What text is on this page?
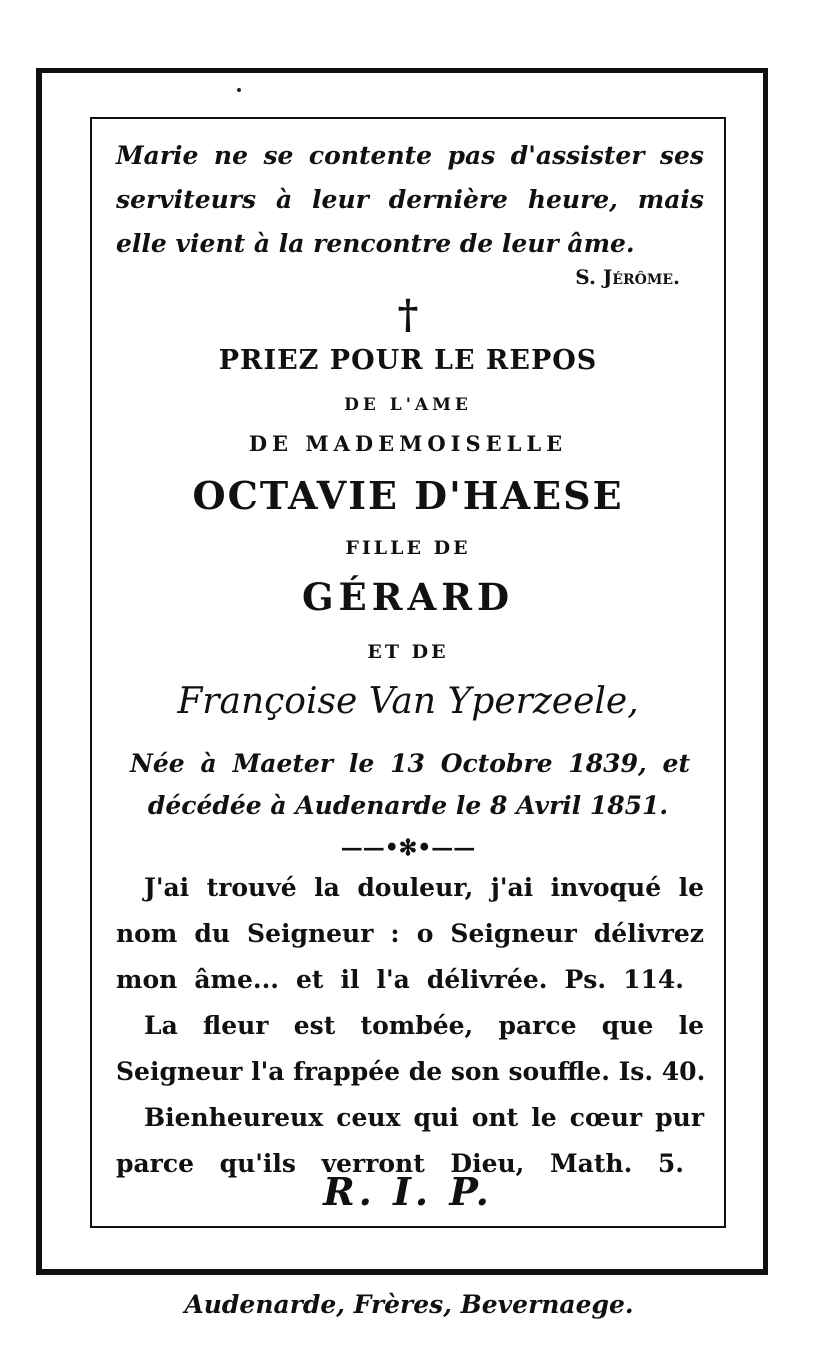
Marie ne se contente pas d'assister ses
serviteurs à leur dernière heure, mais
elle vient à la rencontre de leur âme.
S. Jérôme.
†
PRIEZ POUR LE REPOS
DE L'AME
DE MADEMOISELLE
OCTAVIE D'HAESE
FILLE DE
GÉRARD
ET DE
Françoise Van Yperzeele,
Née à Maeter le 13 Octobre 1839, et
décédée à Audenarde le 8 Avril 1851.
——•✻•——
J'ai trouvé la douleur, j'ai invoqué le
nom du Seigneur : o Seigneur délivrez
mon âme... et il l'a délivrée. Ps. 114.
La fleur est tombée, parce que le
Seigneur l'a frappée de son souffle. Is. 40.
Bienheureux ceux qui ont le cœur pur
parce qu'ils verront Dieu, Math. 5.
R. I. P.
Audenarde, Frères, Bevernaege.
